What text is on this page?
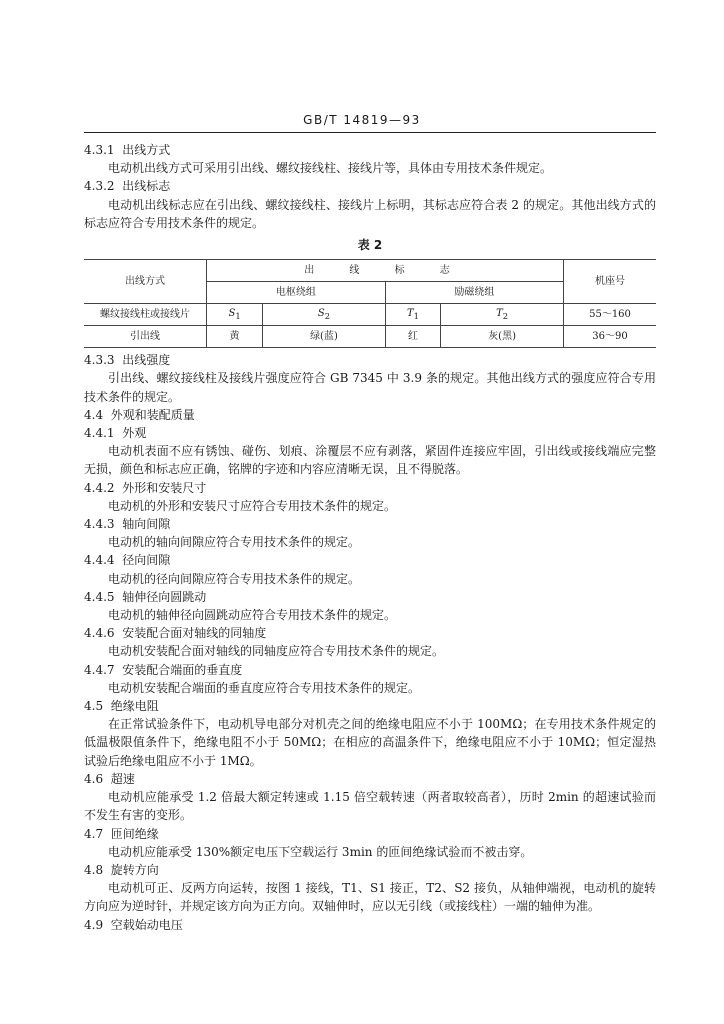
GB/T 14819—93

4.3.1 出线方式

电动机出线方式可采用引出线、螺纹接线柱、接线片等，具体由专用技术条件规定。

4.3.2 出线标志

电动机出线标志应在引出线、螺纹接线柱、接线片上标明，其标志应符合表 2 的规定。其他出线方式的标志应符合专用技术条件的规定。

表 2
出线方式	出 线 标 志				机座号
	电枢绕组		励磁绕组		
螺纹接线柱或接线片	$S_1$	$S_2$	$T_1$	$T_2$	55～160
引出线	黄	绿(蓝)	红	灰(黑)	36～90

4.3.3 出线强度

引出线、螺纹接线柱及接线片强度应符合 GB 7345 中 3.9 条的规定。其他出线方式的强度应符合专用技术条件的规定。

4.4 外观和装配质量

4.4.1 外观

电动机表面不应有锈蚀、碰伤、划痕、涂覆层不应有剥落，紧固件连接应牢固，引出线或接线端应完整无损，颜色和标志应正确，铭牌的字迹和内容应清晰无误，且不得脱落。

4.4.2 外形和安装尺寸

电动机的外形和安装尺寸应符合专用技术条件的规定。

4.4.3 轴向间隙

电动机的轴向间隙应符合专用技术条件的规定。

4.4.4 径向间隙

电动机的径向间隙应符合专用技术条件的规定。

4.4.5 轴伸径向圆跳动

电动机的轴伸径向圆跳动应符合专用技术条件的规定。

4.4.6 安装配合面对轴线的同轴度

电动机安装配合面对轴线的同轴度应符合专用技术条件的规定。

4.4.7 安装配合端面的垂直度

电动机安装配合端面的垂直度应符合专用技术条件的规定。

4.5 绝缘电阻

在正常试验条件下，电动机导电部分对机壳之间的绝缘电阻应不小于 100MΩ；在专用技术条件规定的低温极限值条件下，绝缘电阻不小于 50MΩ；在相应的高温条件下，绝缘电阻应不小于 10MΩ；恒定湿热试验后绝缘电阻应不小于 1MΩ。

4.6 超速

电动机应能承受 1.2 倍最大额定转速或 1.15 倍空载转速（两者取较高者），历时 2min 的超速试验而不发生有害的变形。

4.7 匝间绝缘

电动机应能承受 130%额定电压下空载运行 3min 的匝间绝缘试验而不被击穿。

4.8 旋转方向

电动机可正、反两方向运转，按图 1 接线，T1、S1 接正，T2、S2 接负，从轴伸端视，电动机的旋转方向应为逆时针，并规定该方向为正方向。双轴伸时，应以无引线（或接线柱）一端的轴伸为准。

4.9 空载始动电压
